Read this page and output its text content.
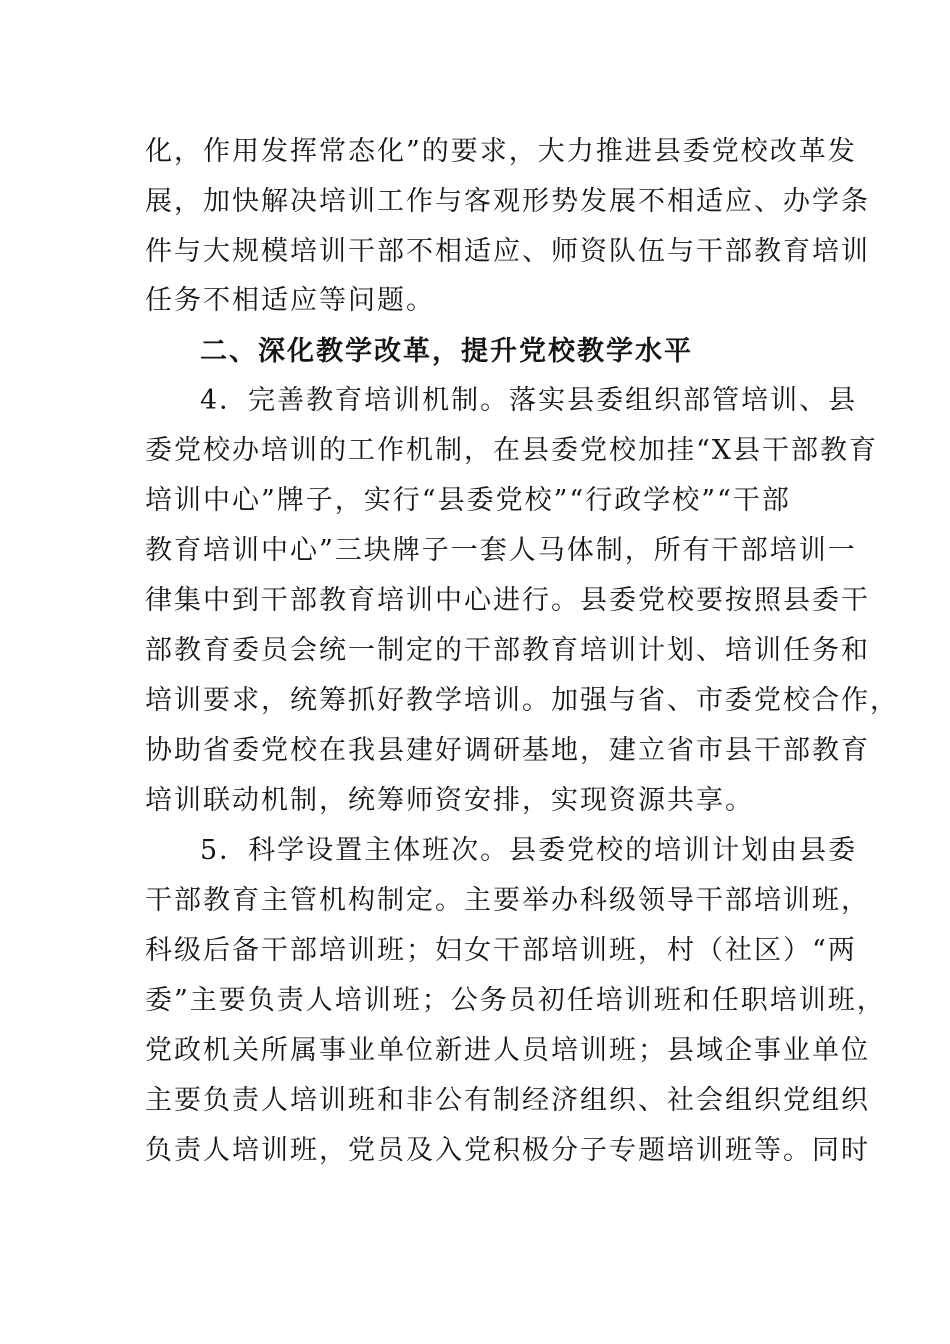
化，作用发挥常态化”的要求，大力推进县委党校改革发
展，加快解决培训工作与客观形势发展不相适应、办学条
件与大规模培训干部不相适应、师资队伍与干部教育培训
任务不相适应等问题。
二、深化教学改革，提升党校教学水平
4．完善教育培训机制。落实县委组织部管培训、县
委党校办培训的工作机制，在县委党校加挂“X县干部教育
培训中心”牌子，实行“县委党校”“行政学校”“干部
教育培训中心”三块牌子一套人马体制，所有干部培训一
律集中到干部教育培训中心进行。县委党校要按照县委干
部教育委员会统一制定的干部教育培训计划、培训任务和
培训要求，统筹抓好教学培训。加强与省、市委党校合作，
协助省委党校在我县建好调研基地，建立省市县干部教育
培训联动机制，统筹师资安排，实现资源共享。
5．科学设置主体班次。县委党校的培训计划由县委
干部教育主管机构制定。主要举办科级领导干部培训班，
科级后备干部培训班；妇女干部培训班，村（社区）“两
委”主要负责人培训班；公务员初任培训班和任职培训班，
党政机关所属事业单位新进人员培训班；县域企事业单位
主要负责人培训班和非公有制经济组织、社会组织党组织
负责人培训班，党员及入党积极分子专题培训班等。同时
